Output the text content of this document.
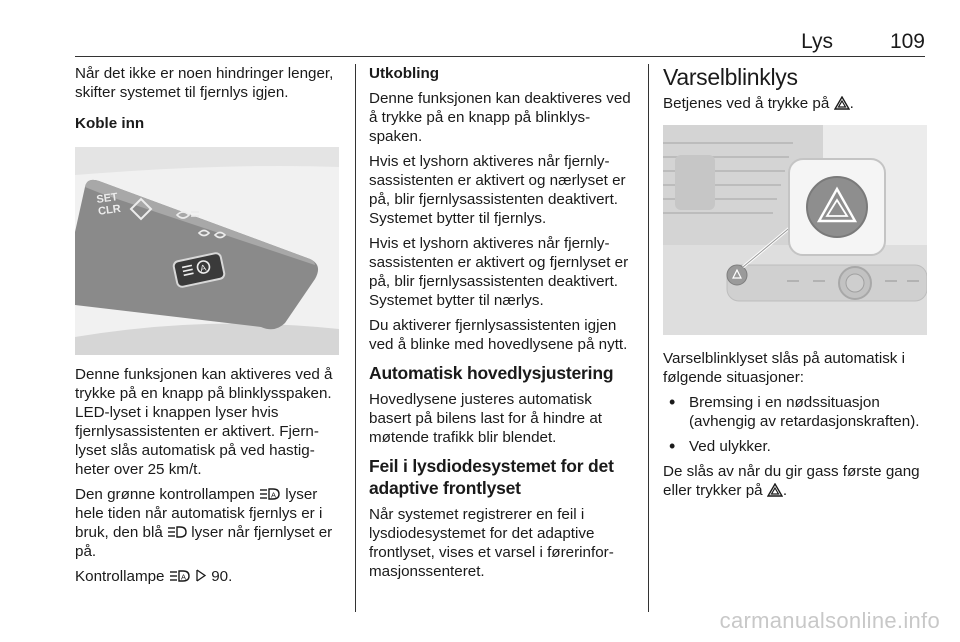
Lys	109

Når det ikke er noen hindringer lenger, skifter systemet til fjernlys igjen.

Koble inn

SETCLR
A

Denne funksjonen kan aktiveres ved å trykke på en knapp på blinklysspaken. LED-lyset i knappen lyser hvis fjernlysassistenten er aktivert. Fjernlyset slås automatisk på ved hastigheter over 25 km/t.

Den grønne kontrollampen A lyser hele tiden når automatisk fjernlys er i bruk, den blå lyser når fjernlyset er på.

Kontrollampe A 90.

Utkobling

Denne funksjonen kan deaktiveres ved å trykke på en knapp på blinklysspaken.

Hvis et lyshorn aktiveres når fjernlysassistenten er aktivert og nærlyset er på, blir fjernlysassistenten deaktivert. Systemet bytter til fjernlys.

Hvis et lyshorn aktiveres når fjernlysassistenten er aktivert og fjernlyset er på, blir fjernlysassistenten deaktivert. Systemet bytter til nærlys.

Du aktiverer fjernlysassistenten igjen ved å blinke med hovedlysene på nytt.

Automatisk hovedlysjustering

Hovedlysene justeres automatisk basert på bilens last for å hindre at møtende trafikk blir blendet.

Feil i lysdiodesystemet for det adaptive frontlyset

Når systemet registrerer en feil i lysdiodesystemet for det adaptive frontlyset, vises et varsel i førerinformasjonssenteret.

Varselblinklys

Betjenes ved å trykke på .

Varselblinklyset slås på automatisk i følgende situasjoner:

• Bremsing i en nødssituasjon (avhengig av retardasjonskraften).
• Ved ulykker.

De slås av når du gir gass første gang eller trykker på .

carmanualsonline.info
